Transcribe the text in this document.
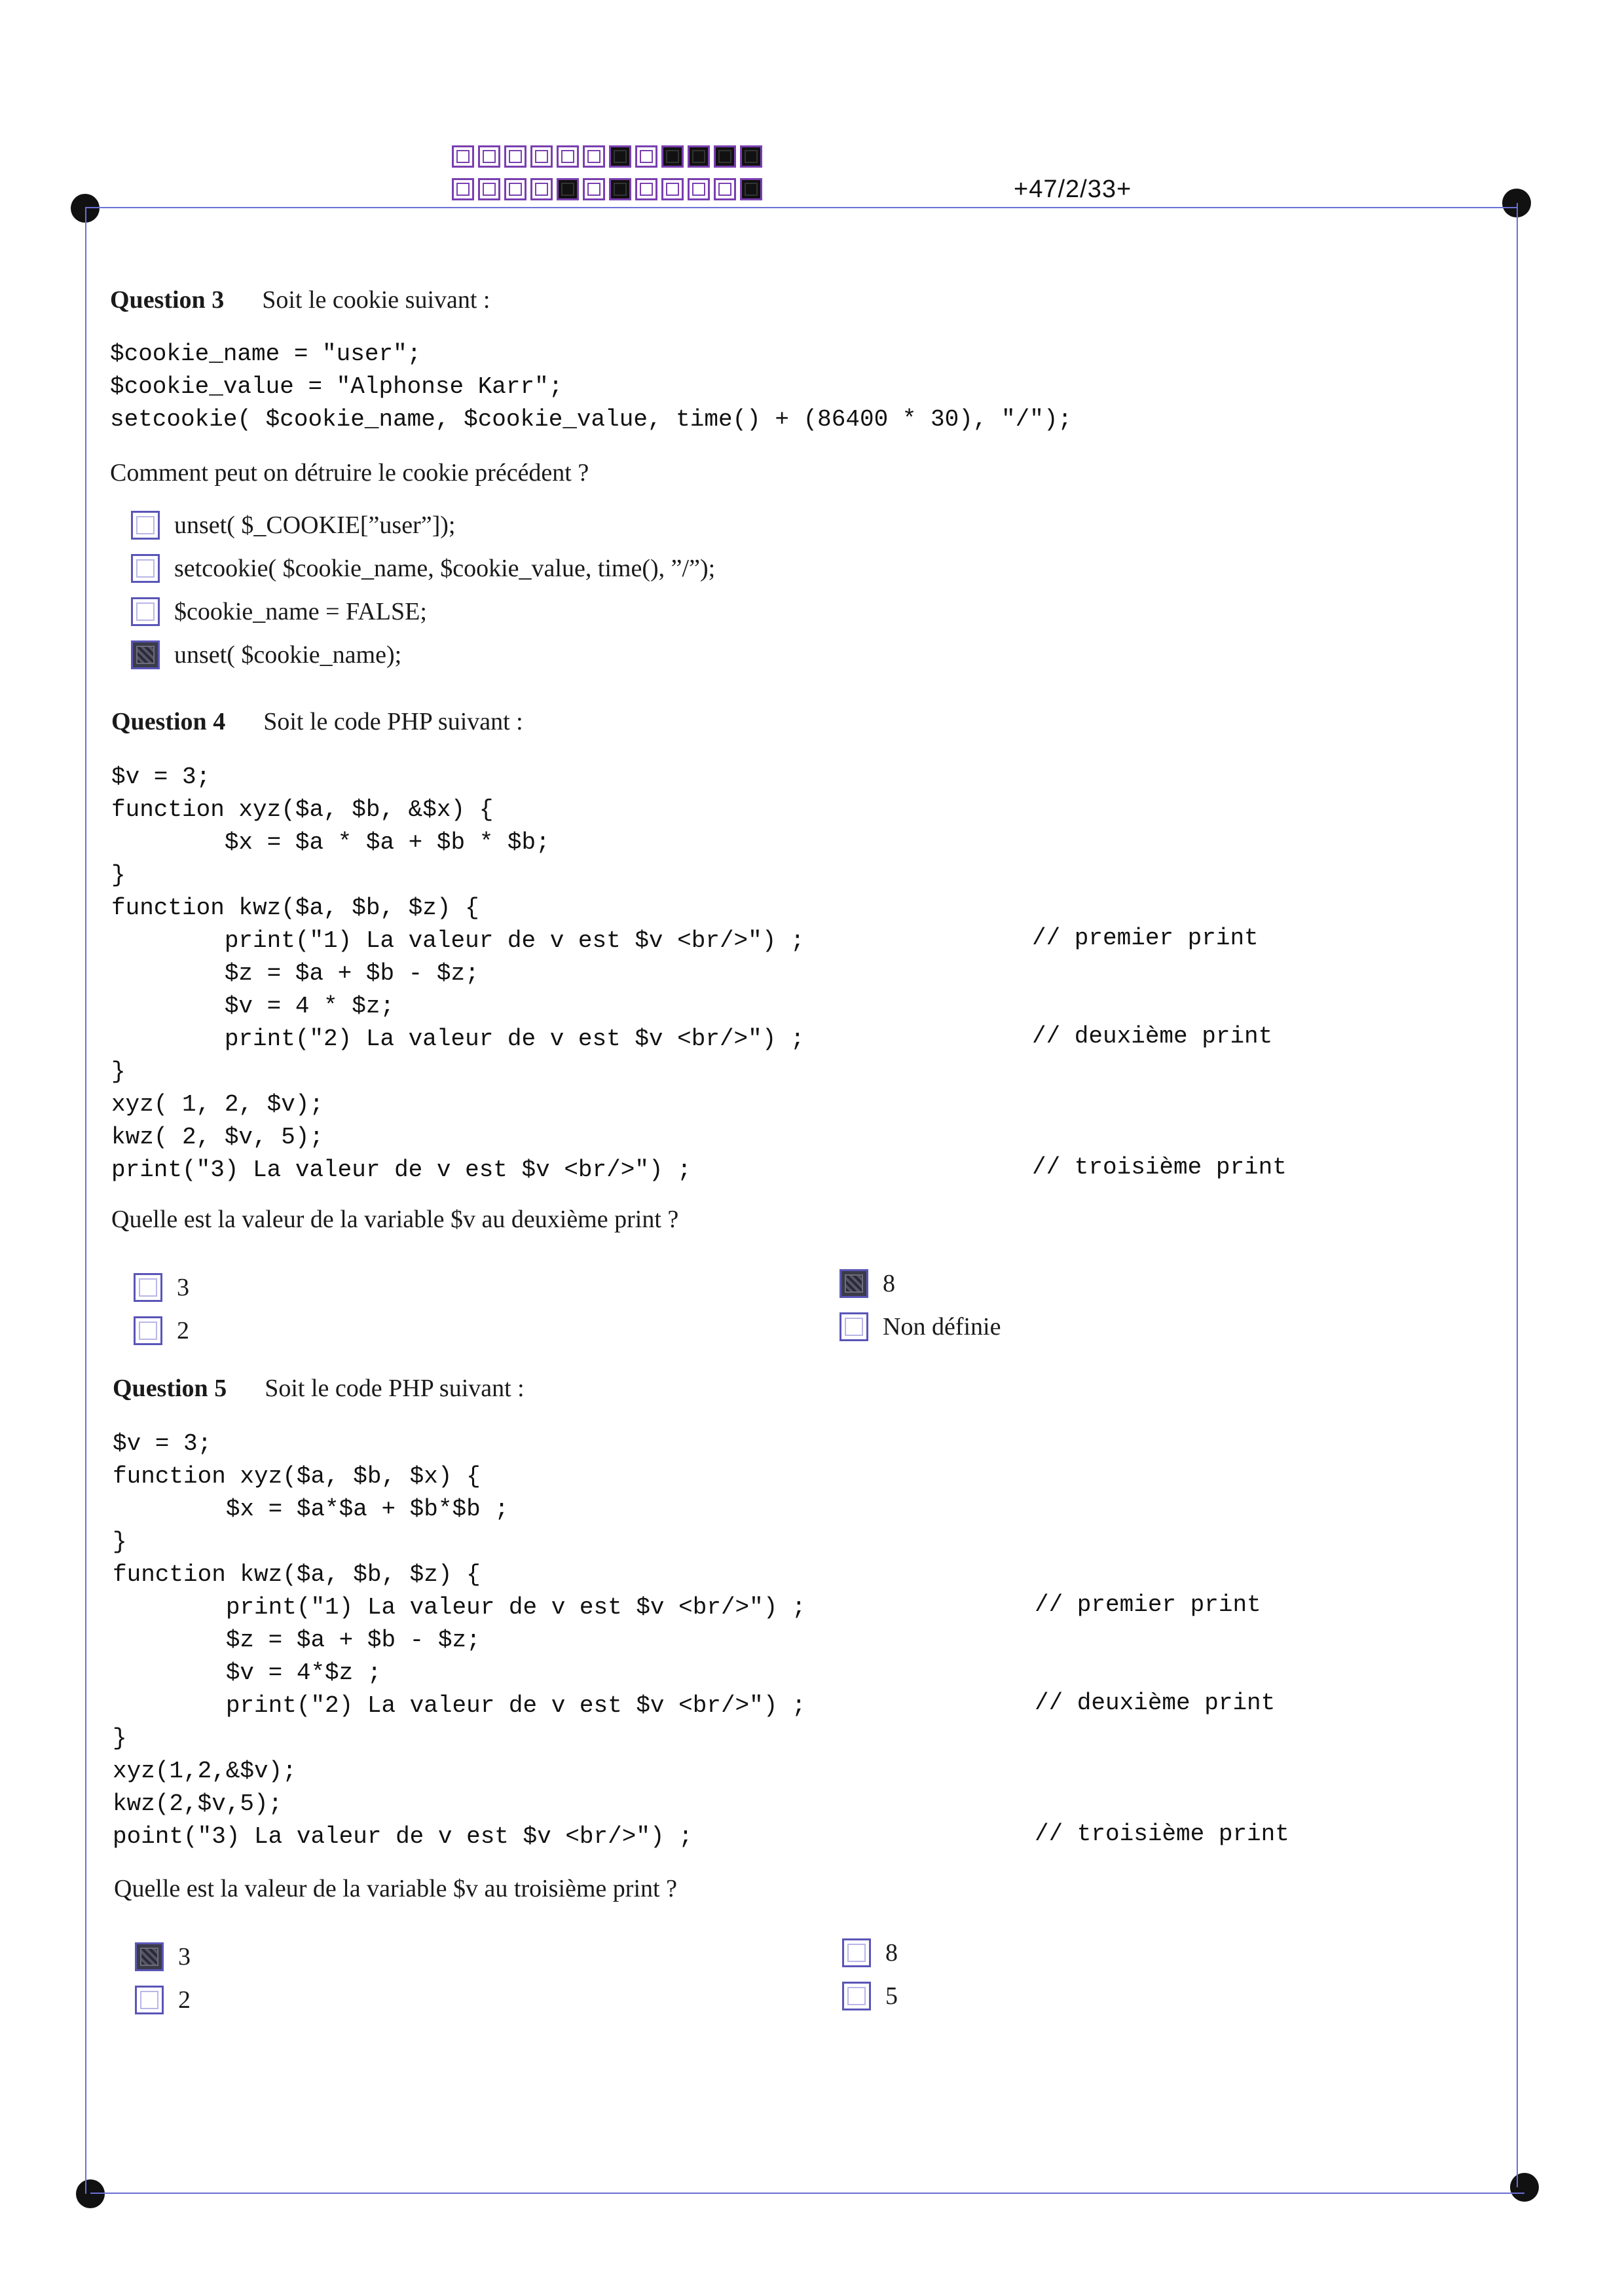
+47/2/33+
Question 3 Soit le cookie suivant :
$cookie_name = "user";
$cookie_value = "Alphonse Karr";
setcookie( $cookie_name, $cookie_value, time() + (86400 * 30), "/");
Comment peut on détruire le cookie précédent ?
unset( $_COOKIE[”user”]);
setcookie( $cookie_name, $cookie_value, time(), ”/”);
$cookie_name = FALSE;
unset( $cookie_name);
Question 4 Soit le code PHP suivant :
$v = 3;
function xyz($a, $b, &$x) {
$x = $a * $a + $b * $b;
}
function kwz($a, $b, $z) {
print("1) La valeur de v est $v <br/>") ;
$z = $a + $b - $z;
$v = 4 * $z;
print("2) La valeur de v est $v <br/>") ;
}
xyz( 1, 2, $v);
kwz( 2, $v, 5);
print("3) La valeur de v est $v <br/>") ;
Quelle est la valeur de la variable $v au deuxième print ?
3
2
8
Non définie
Question 5 Soit le code PHP suivant :
$v = 3;
function xyz($a, $b, $x) {
$x = $a*$a + $b*$b ;
}
function kwz($a, $b, $z) {
print("1) La valeur de v est $v <br/>") ;
$z = $a + $b - $z;
$v = 4*$z ;
print("2) La valeur de v est $v <br/>") ;
}
xyz(1,2,&$v);
kwz(2,$v,5);
point("3) La valeur de v est $v <br/>") ;
Quelle est la valeur de la variable $v au troisième print ?
3
2
8
5
// premier print
// deuxième print
// troisième print
// premier print
// deuxième print
// troisième print
